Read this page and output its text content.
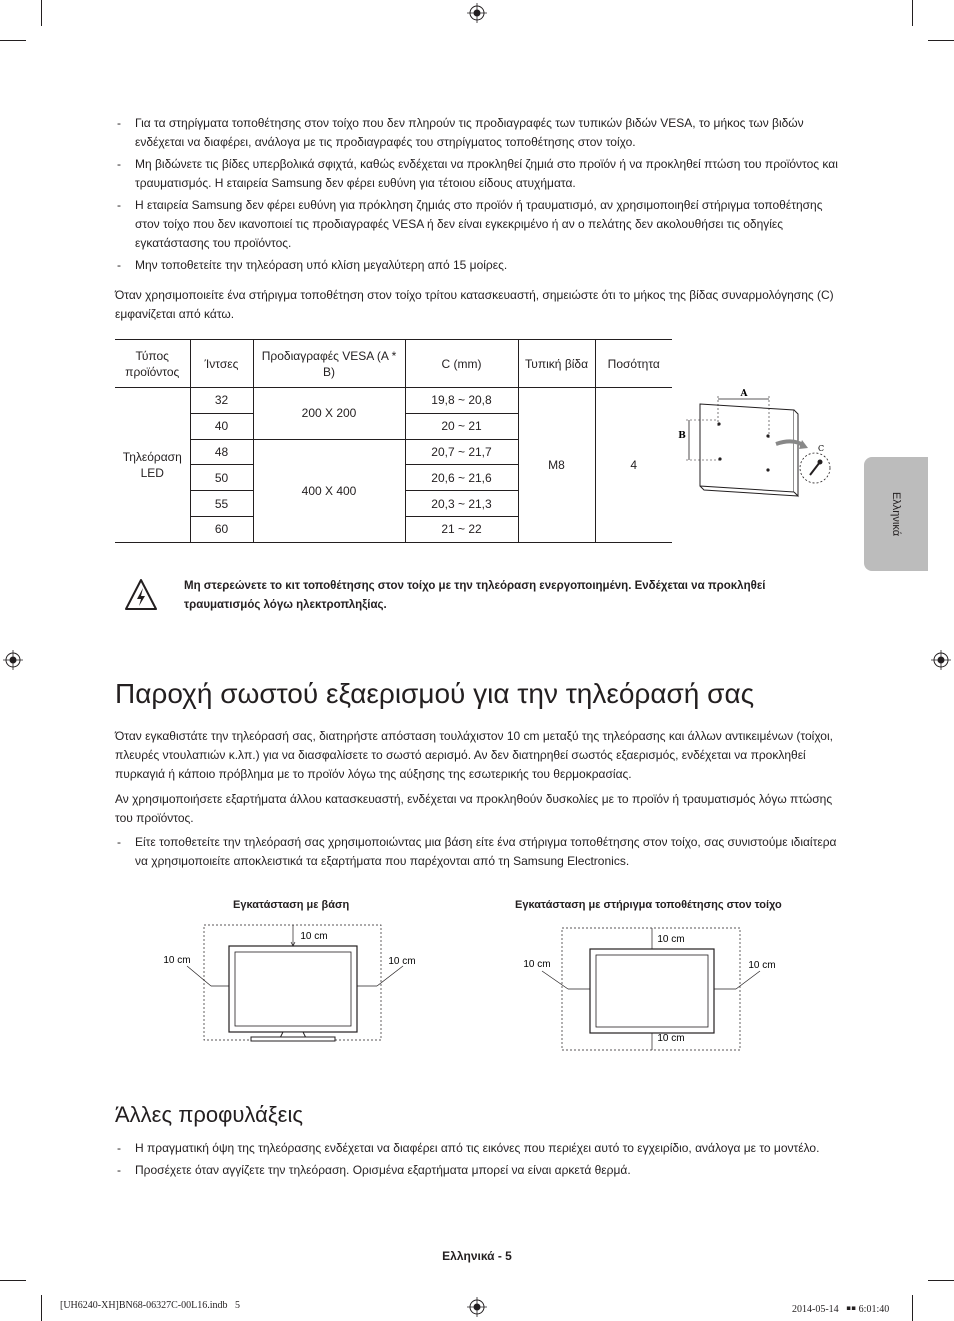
- Για τα στηρίγματα τοποθέτησης στον τοίχο που δεν πληρούν τις προδιαγραφές των τυπικών βιδών VESA, το μήκος των βιδών ενδέχεται να διαφέρει, ανάλογα με τις προδιαγραφές του στηρίγματος τοποθέτησης στον τοίχο.
- Μη βιδώνετε τις βίδες υπερβολικά σφιχτά, καθώς ενδέχεται να προκληθεί ζημιά στο προϊόν ή να προκληθεί πτώση του προϊόντος και τραυματισμός. Η εταιρεία Samsung δεν φέρει ευθύνη για τέτοιου είδους ατυχήματα.
- Η εταιρεία Samsung δεν φέρει ευθύνη για πρόκληση ζημιάς στο προϊόν ή τραυματισμό, αν χρησιμοποιηθεί στήριγμα τοποθέτησης στον τοίχο που δεν ικανοποιεί τις προδιαγραφές VESA ή δεν είναι εγκεκριμένο ή αν ο πελάτης δεν ακολουθήσει τις οδηγίες εγκατάστασης του προϊόντος.
- Μην τοποθετείτε την τηλεόραση υπό κλίση μεγαλύτερη από 15 μοίρες.
Όταν χρησιμοποιείτε ένα στήριγμα τοποθέτηση στον τοίχο τρίτου κατασκευαστή, σημειώστε ότι το μήκος της βίδας συναρμολόγησης (C) εμφανίζεται από κάτω.
Τύπος προϊόντος	Ίντσες	Προδιαγραφές VESA (A * B)	C (mm)	Τυπική βίδα	Ποσότητα
Τηλεόραση LED	32	200 X 200	19,8 ~ 20,8	M8	4
	40		20 ~ 21		
	48	400 X 400	20,7 ~ 21,7		
	50		20,6 ~ 21,6		
	55		20,3 ~ 21,3		
	60		21 ~ 22		
A
B
C
Μη στερεώνετε το κιτ τοποθέτησης στον τοίχο με την τηλεόραση ενεργοποιημένη. Ενδέχεται να προκληθεί τραυματισμός λόγω ηλεκτροπληξίας.
Ελληνικά
Παροχή σωστού εξαερισμού για την τηλεόρασή σας
Όταν εγκαθιστάτε την τηλεόρασή σας, διατηρήστε απόσταση τουλάχιστον 10 cm μεταξύ της τηλεόρασης και άλλων αντικειμένων (τοίχοι, πλευρές ντουλαπιών κ.λπ.) για να διασφαλίσετε το σωστό αερισμό. Αν δεν διατηρηθεί σωστός εξαερισμός, ενδέχεται να προκληθεί πυρκαγιά ή κάποιο πρόβλημα με το προϊόν λόγω της αύξησης της εσωτερικής του θερμοκρασίας.
Αν χρησιμοποιήσετε εξαρτήματα άλλου κατασκευαστή, ενδέχεται να προκληθούν δυσκολίες με το προϊόν ή τραυματισμός λόγω πτώσης του προϊόντος.
- Είτε τοποθετείτε την τηλεόρασή σας χρησιμοποιώντας μια βάση είτε ένα στήριγμα τοποθέτησης στον τοίχο, σας συνιστούμε ιδιαίτερα να χρησιμοποιείτε αποκλειστικά τα εξαρτήματα που παρέχονται από τη Samsung Electronics.
Εγκατάσταση με βάση	Εγκατάσταση με στήριγμα τοποθέτησης στον τοίχο
10 cm
10 cm	10 cm
10 cm
10 cm
10 cm	10 cm
Άλλες προφυλάξεις
- Η πραγματική όψη της τηλεόρασης ενδέχεται να διαφέρει από τις εικόνες που περιέχει αυτό το εγχειρίδιο, ανάλογα με το μοντέλο.
- Προσέχετε όταν αγγίζετε την τηλεόραση. Ορισμένα εξαρτήματα μπορεί να είναι αρκετά θερμά.
Ελληνικά - 5
[UH6240-XH]BN68-06327C-00L16.indb   5	2014-05-14   ￭￭ 6:01:40
